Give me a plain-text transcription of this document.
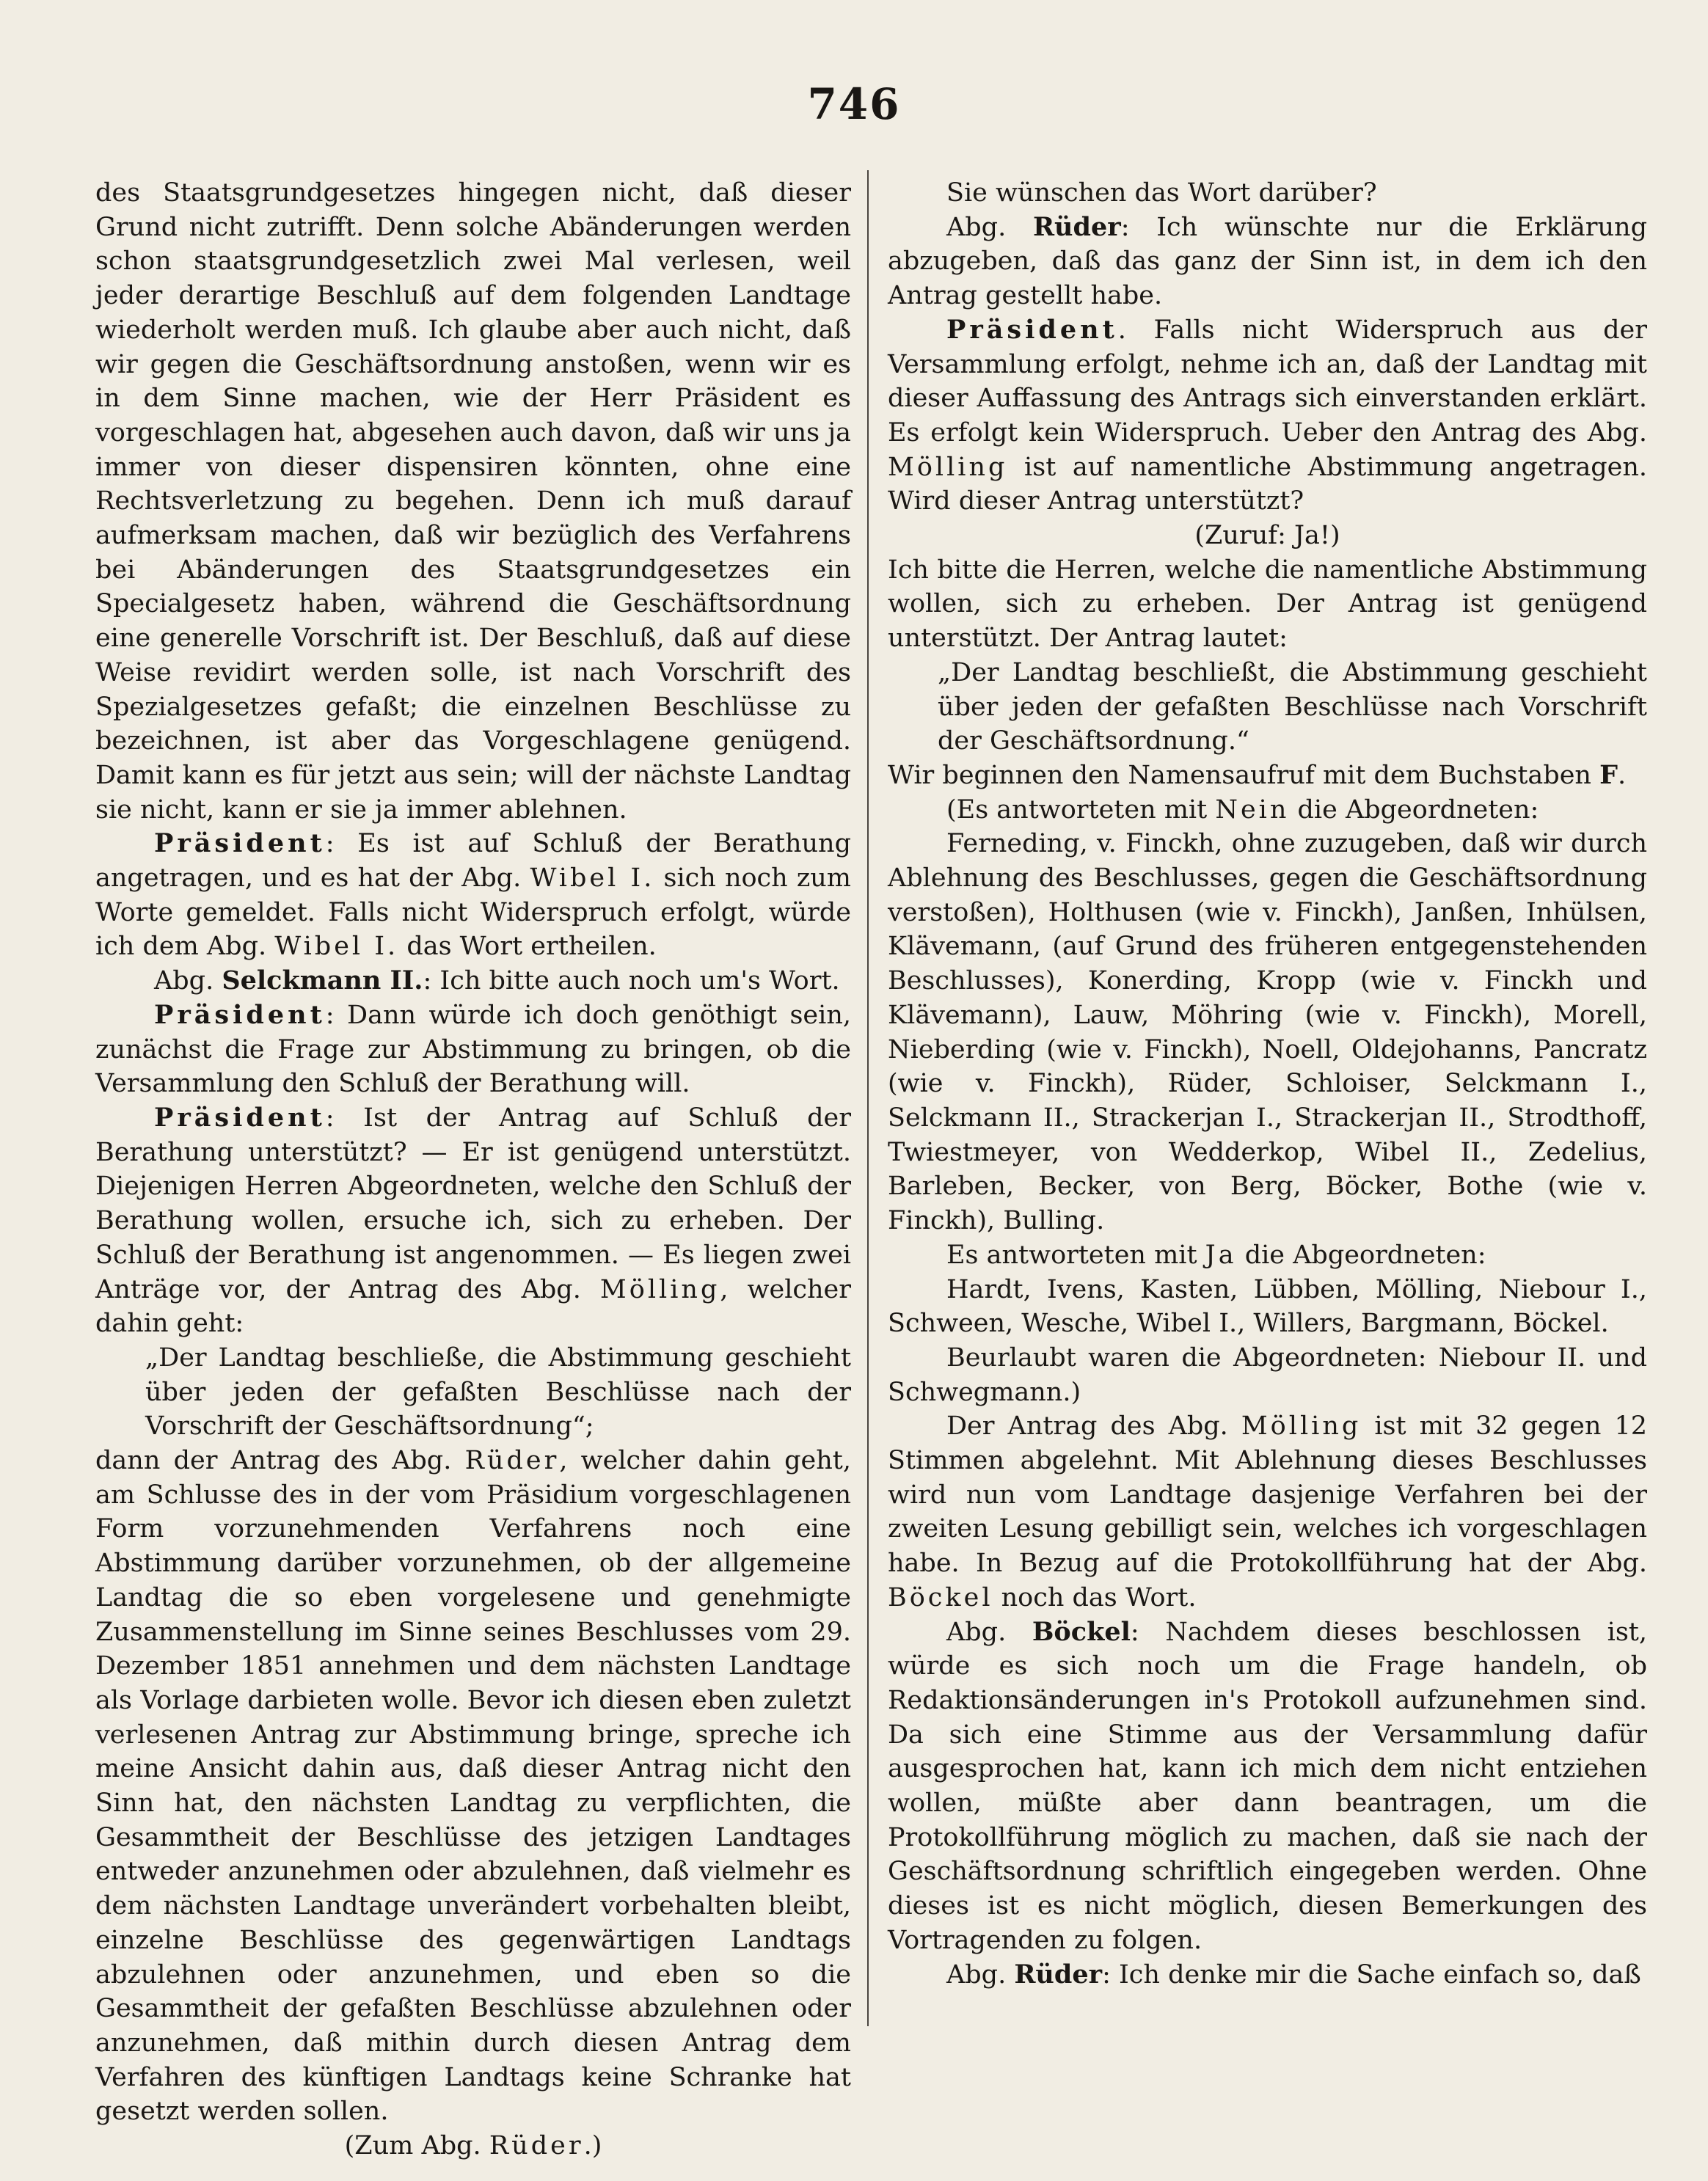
746

des Staatsgrundgesetzes hingegen nicht, daß dieser Grund nicht zutrifft. Denn solche Abänderungen werden schon staatsgrundgesetzlich zwei Mal verlesen, weil jeder derartige Beschluß auf dem folgenden Landtage wiederholt werden muß. Ich glaube aber auch nicht, daß wir gegen die Geschäftsordnung anstoßen, wenn wir es in dem Sinne machen, wie der Herr Präsident es vorgeschlagen hat, abgesehen auch davon, daß wir uns ja immer von dieser dispensiren könnten, ohne eine Rechtsverletzung zu begehen. Denn ich muß darauf aufmerksam machen, daß wir bezüglich des Verfahrens bei Abänderungen des Staatsgrundgesetzes ein Specialgesetz haben, während die Geschäftsordnung eine generelle Vorschrift ist. Der Beschluß, daß auf diese Weise revidirt werden solle, ist nach Vorschrift des Spezialgesetzes gefaßt; die einzelnen Beschlüsse zu bezeichnen, ist aber das Vorgeschlagene genügend. Damit kann es für jetzt aus sein; will der nächste Landtag sie nicht, kann er sie ja immer ablehnen.

Präsident: Es ist auf Schluß der Berathung angetragen, und es hat der Abg. Wibel I. sich noch zum Worte gemeldet. Falls nicht Widerspruch erfolgt, würde ich dem Abg. Wibel I. das Wort ertheilen.

Abg. Selckmann II.: Ich bitte auch noch um's Wort.

Präsident: Dann würde ich doch genöthigt sein, zunächst die Frage zur Abstimmung zu bringen, ob die Versammlung den Schluß der Berathung will.

Präsident: Ist der Antrag auf Schluß der Berathung unterstützt? — Er ist genügend unterstützt. Diejenigen Herren Abgeordneten, welche den Schluß der Berathung wollen, ersuche ich, sich zu erheben. Der Schluß der Berathung ist angenommen. — Es liegen zwei Anträge vor, der Antrag des Abg. Mölling, welcher dahin geht:

„Der Landtag beschließe, die Abstimmung geschieht über jeden der gefaßten Beschlüsse nach der Vorschrift der Geschäftsordnung“;

dann der Antrag des Abg. Rüder, welcher dahin geht, am Schlusse des in der vom Präsidium vorgeschlagenen Form vorzunehmenden Verfahrens noch eine Abstimmung darüber vorzunehmen, ob der allgemeine Landtag die so eben vorgelesene und genehmigte Zusammenstellung im Sinne seines Beschlusses vom 29. Dezember 1851 annehmen und dem nächsten Landtage als Vorlage darbieten wolle. Bevor ich diesen eben zuletzt verlesenen Antrag zur Abstimmung bringe, spreche ich meine Ansicht dahin aus, daß dieser Antrag nicht den Sinn hat, den nächsten Landtag zu verpflichten, die Gesammtheit der Beschlüsse des jetzigen Landtages entweder anzunehmen oder abzulehnen, daß vielmehr es dem nächsten Landtage unverändert vorbehalten bleibt, einzelne Beschlüsse des gegenwärtigen Landtags abzulehnen oder anzunehmen, und eben so die Gesammtheit der gefaßten Beschlüsse abzulehnen oder anzunehmen, daß mithin durch diesen Antrag dem Verfahren des künftigen Landtags keine Schranke hat gesetzt werden sollen.

(Zum Abg. Rüder.)

Sie wünschen das Wort darüber?

Abg. Rüder: Ich wünschte nur die Erklärung abzugeben, daß das ganz der Sinn ist, in dem ich den Antrag gestellt habe.

Präsident. Falls nicht Widerspruch aus der Versammlung erfolgt, nehme ich an, daß der Landtag mit dieser Auffassung des Antrags sich einverstanden erklärt. Es erfolgt kein Widerspruch. Ueber den Antrag des Abg. Mölling ist auf namentliche Abstimmung angetragen. Wird dieser Antrag unterstützt?

(Zuruf: Ja!)

Ich bitte die Herren, welche die namentliche Abstimmung wollen, sich zu erheben. Der Antrag ist genügend unterstützt. Der Antrag lautet:

„Der Landtag beschließt, die Abstimmung geschieht über jeden der gefaßten Beschlüsse nach Vorschrift der Geschäftsordnung.“

Wir beginnen den Namensaufruf mit dem Buchstaben F.

(Es antworteten mit Nein die Abgeordneten:

Ferneding, v. Finckh, ohne zuzugeben, daß wir durch Ablehnung des Beschlusses, gegen die Geschäftsordnung verstoßen), Holthusen (wie v. Finckh), Janßen, Inhülsen, Klävemann, (auf Grund des früheren entgegenstehenden Beschlusses), Konerding, Kropp (wie v. Finckh und Klävemann), Lauw, Möhring (wie v. Finckh), Morell, Nieberding (wie v. Finckh), Noell, Oldejohanns, Pancratz (wie v. Finckh), Rüder, Schloiser, Selckmann I., Selckmann II., Strackerjan I., Strackerjan II., Strodthoff, Twiestmeyer, von Wedderkop, Wibel II., Zedelius, Barleben, Becker, von Berg, Böcker, Bothe (wie v. Finckh), Bulling.

Es antworteten mit Ja die Abgeordneten:

Hardt, Ivens, Kasten, Lübben, Mölling, Niebour I., Schween, Wesche, Wibel I., Willers, Bargmann, Böckel.

Beurlaubt waren die Abgeordneten: Niebour II. und Schwegmann.)

Der Antrag des Abg. Mölling ist mit 32 gegen 12 Stimmen abgelehnt. Mit Ablehnung dieses Beschlusses wird nun vom Landtage dasjenige Verfahren bei der zweiten Lesung gebilligt sein, welches ich vorgeschlagen habe. In Bezug auf die Protokollführung hat der Abg. Böckel noch das Wort.

Abg. Böckel: Nachdem dieses beschlossen ist, würde es sich noch um die Frage handeln, ob Redaktionsänderungen in's Protokoll aufzunehmen sind. Da sich eine Stimme aus der Versammlung dafür ausgesprochen hat, kann ich mich dem nicht entziehen wollen, müßte aber dann beantragen, um die Protokollführung möglich zu machen, daß sie nach der Geschäftsordnung schriftlich eingegeben werden. Ohne dieses ist es nicht möglich, diesen Bemerkungen des Vortragenden zu folgen.

Abg. Rüder: Ich denke mir die Sache einfach so, daß
